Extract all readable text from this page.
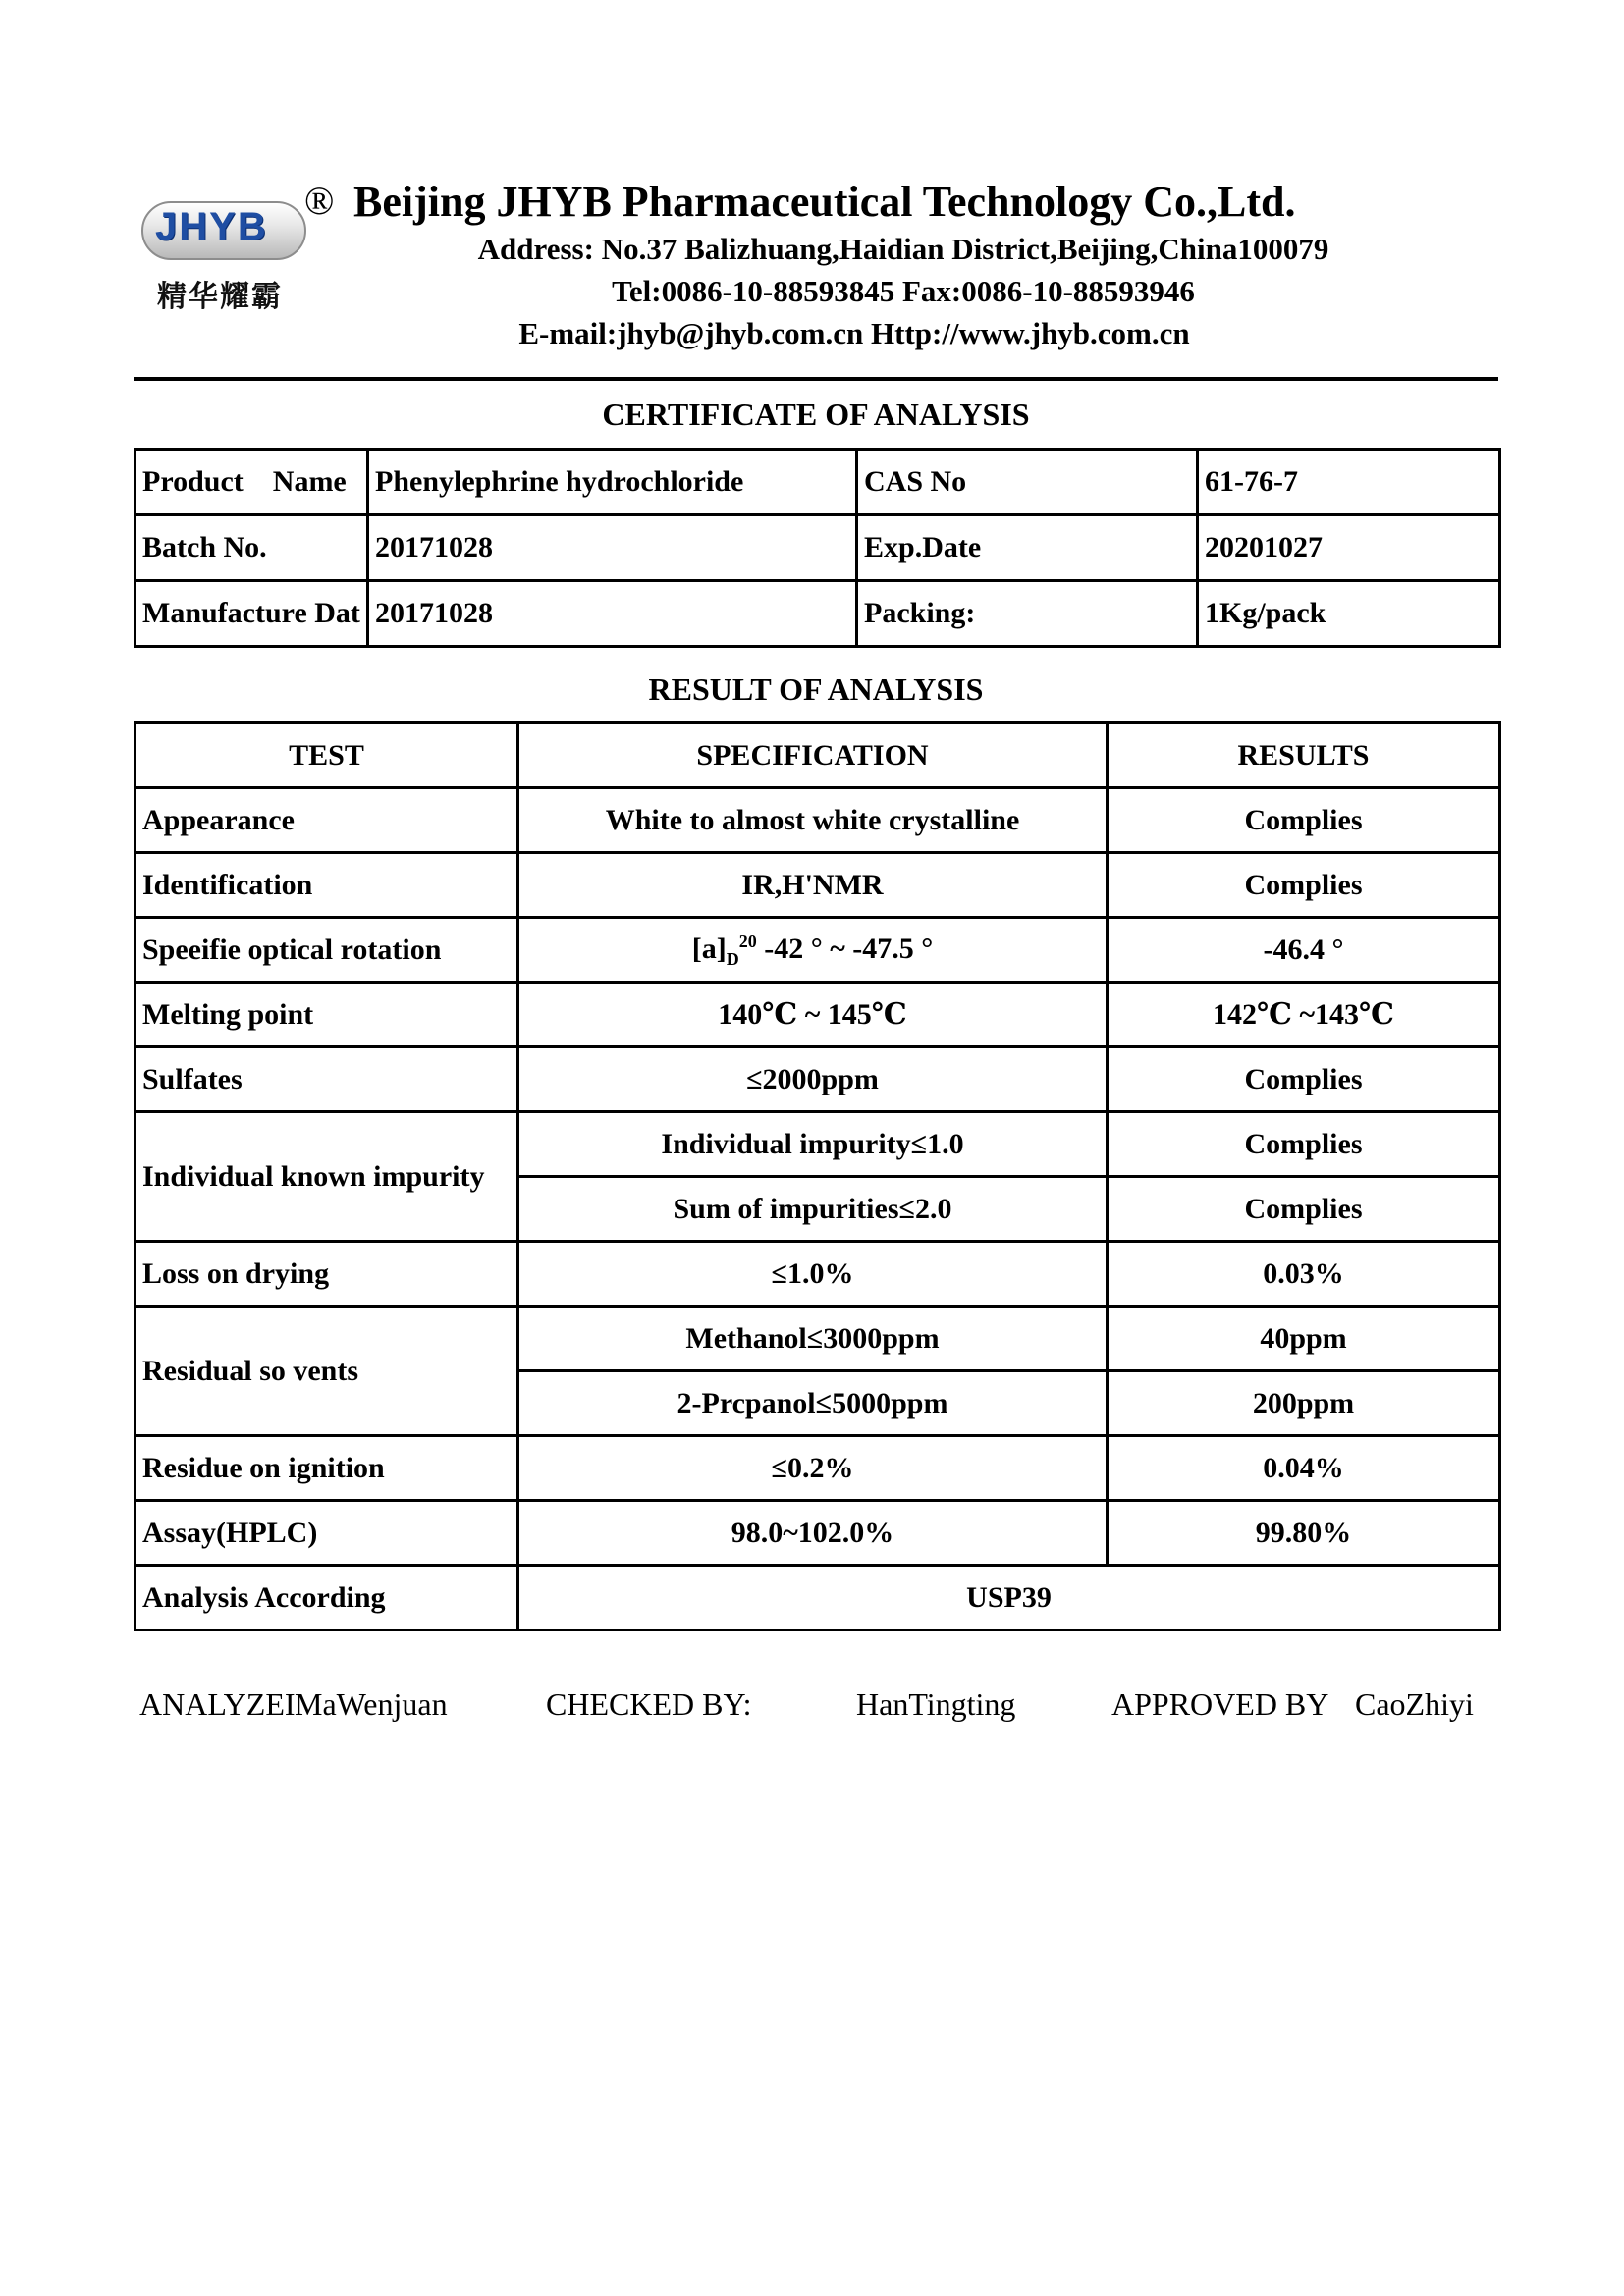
JHYB
精华耀霸
® Beijing JHYB Pharmaceutical Technology Co.,Ltd.
Address: No.37 Balizhuang,Haidian District,Beijing,China100079
Tel:0086-10-88593845 Fax:0086-10-88593946
E-mail:jhyb@jhyb.com.cn Http://www.jhyb.com.cn
CERTIFICATE OF ANALYSIS
Product    Name	Phenylephrine hydrochloride	CAS No	61-76-7
Batch No.	20171028	Exp.Date	20201027
Manufacture Dat	20171028	Packing:	1Kg/pack
RESULT OF ANALYSIS
TEST	SPECIFICATION	RESULTS
Appearance	White to almost white crystalline	Complies
Identification	IR,H'NMR	Complies
Speeifie optical rotation	$[a]_D^{20}$ -42 ° ~ -47.5 °	-46.4 °
Melting point	140℃ ~ 145℃	142℃ ~143℃
Sulfates	≤2000ppm	Complies
Individual known impurity	Individual impurity≤1.0	Complies
	Sum of impurities≤2.0	Complies
Loss on drying	≤1.0%	0.03%
Residual so vents	Methanol≤3000ppm	40ppm
	2-Prcpanol≤5000ppm	200ppm
Residue on ignition	≤0.2%	0.04%
Assay(HPLC)	98.0~102.0%	99.80%
Analysis According	USP39	
ANALYZEI MaWenjuan	CHECKED BY:	HanTingting	APPROVED BY CaoZhiyi
